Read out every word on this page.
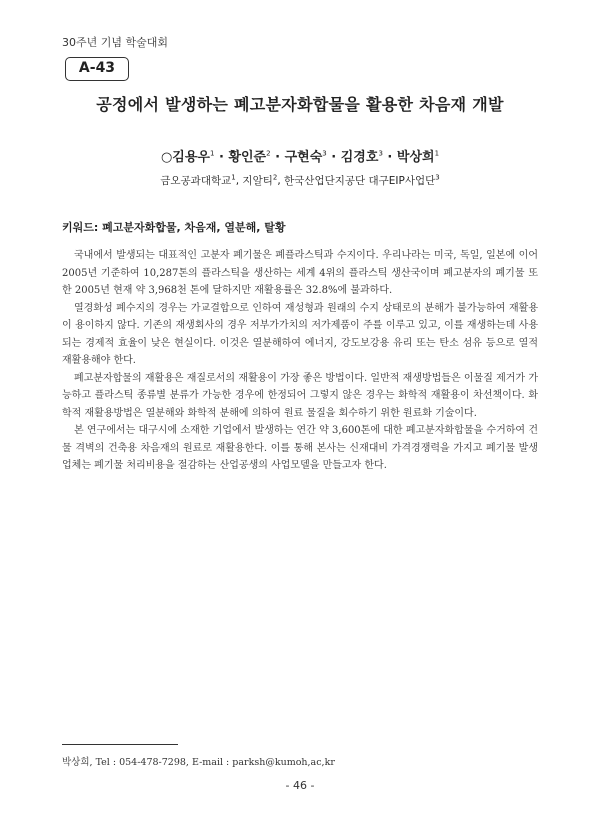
30주년 기념 학술대회
A-43
공정에서 발생하는 폐고분자화합물을 활용한 차음재 개발
○김용우$^1$ · 황인준$^2$ · 구현숙$^3$ · 김경호$^3$ · 박상희$^1$
금오공과대학교$^1$, 지알티$^2$, 한국산업단지공단 대구EIP사업단$^3$
키워드: 폐고분자화합물, 차음재, 열분해, 탈황

국내에서 발생되는 대표적인 고분자 폐기물은 폐플라스틱과 수지이다. 우리나라는 미국, 독일, 일본에 이어 2005년 기준하여 10,287톤의 플라스틱을 생산하는 세계 4위의 플라스틱 생산국이며 폐고분자의 폐기물 또한 2005년 현재 약 3,968천 톤에 달하지만 재활용률은 32.8%에 불과하다.

열경화성 폐수지의 경우는 가교결합으로 인하여 재성형과 원래의 수지 상태로의 분해가 불가능하여 재활용이 용이하지 않다. 기존의 재생회사의 경우 저부가가치의 저가제품이 주를 이루고 있고, 이를 재생하는데 사용되는 경제적 효율이 낮은 현실이다. 이것은 열분해하여 에너지, 강도보강용 유리 또는 탄소 섬유 등으로 열적 재활용해야 한다.

폐고분자합물의 재활용은 재질로서의 재활용이 가장 좋은 방법이다. 일반적 재생방법들은 이물질 제거가 가능하고 플라스틱 종류별 분류가 가능한 경우에 한정되어 그렇지 않은 경우는 화학적 재활용이 차선책이다. 화학적 재활용방법은 열분해와 화학적 분해에 의하여 원료 물질을 회수하기 위한 원료화 기술이다.

본 연구에서는 대구시에 소재한 기업에서 발생하는 연간 약 3,600톤에 대한 폐고분자화합물을 수거하여 건물 격벽의 건축용 차음재의 원료로 재활용한다. 이를 통해 본사는 신재대비 가격경쟁력을 가지고 폐기물 발생업체는 폐기물 처리비용을 절감하는 산업공생의 사업모델을 만들고자 한다.

박상희, Tel : 054-478-7298, E-mail : parksh@kumoh,ac,kr
- 46 -
